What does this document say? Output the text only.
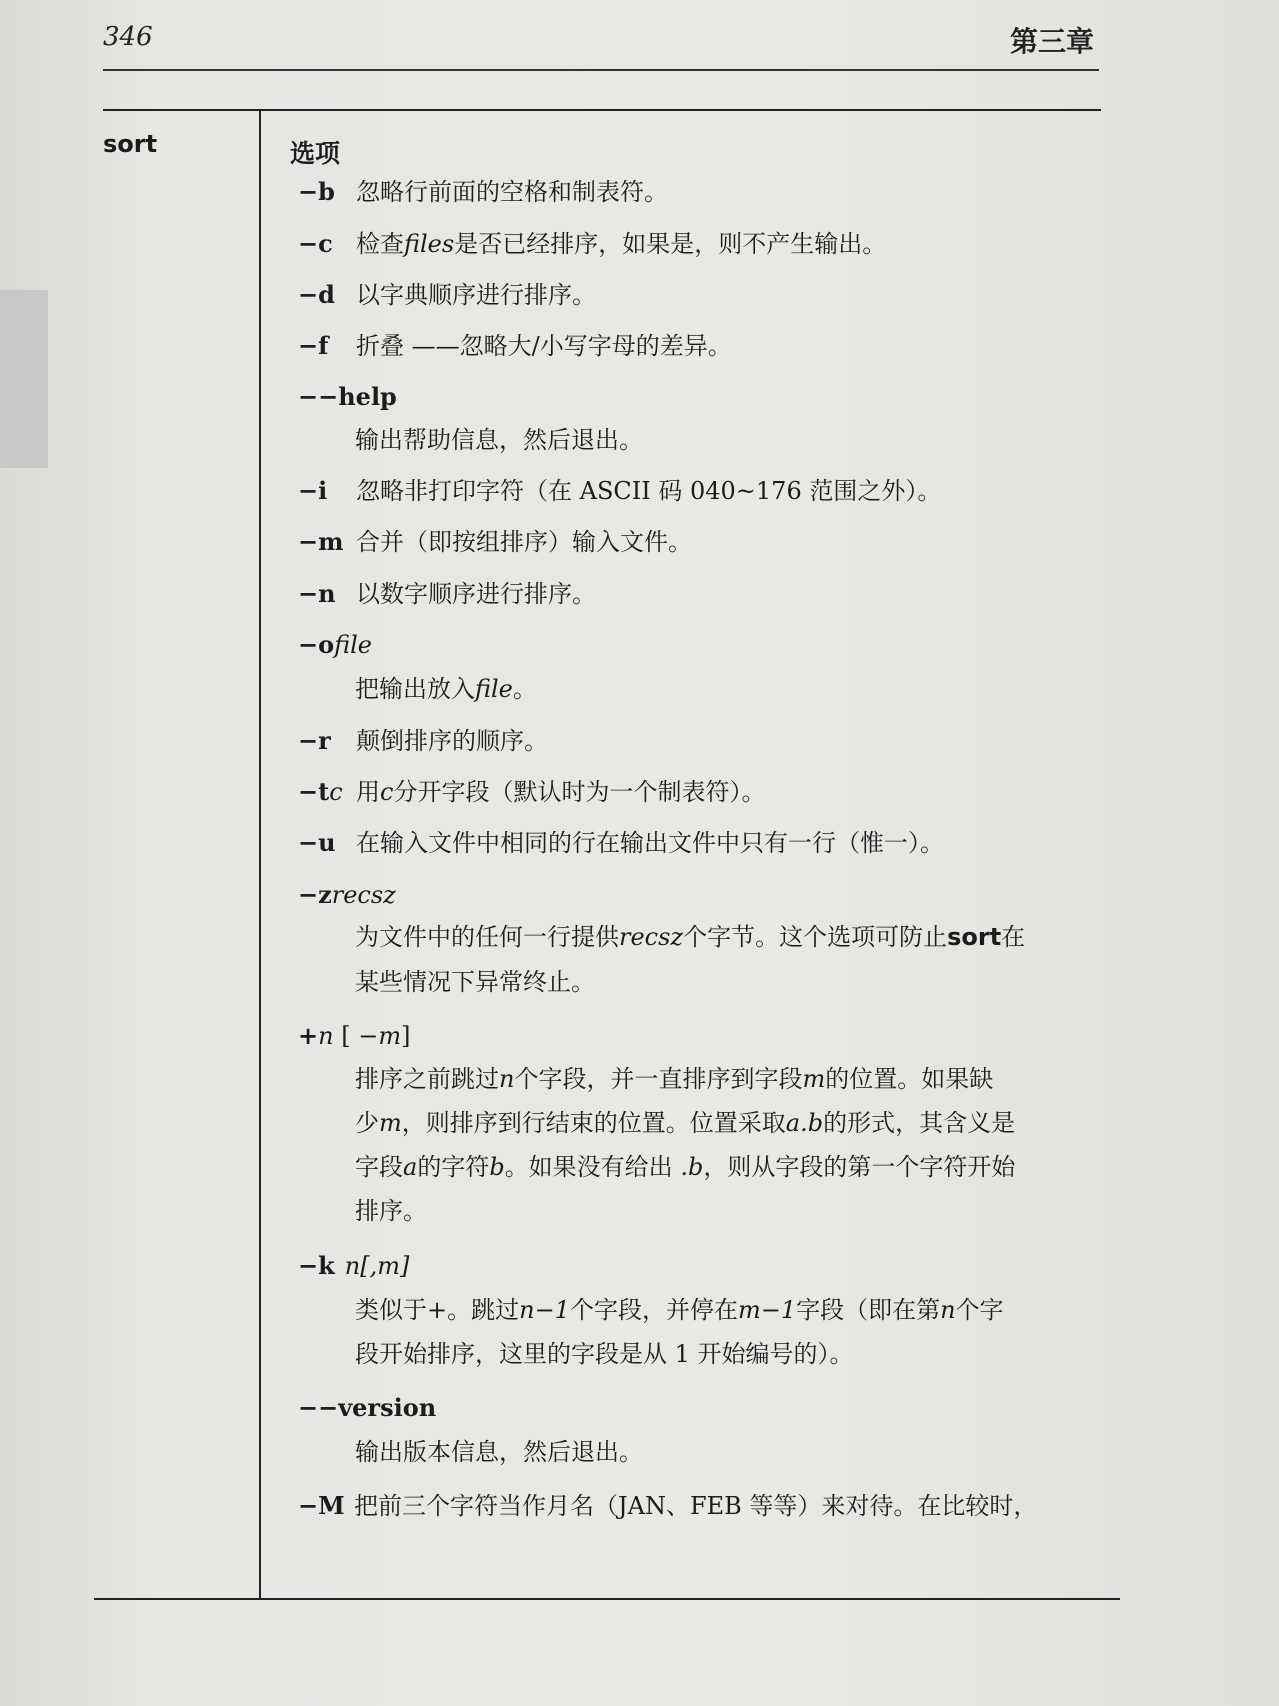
346	第三章
sort	选项
−b 忽略行前面的空格和制表符。
−c 检查files是否已经排序，如果是，则不产生输出。
−d 以字典顺序进行排序。
−f 折叠 ——忽略大/小写字母的差异。
−−help
输出帮助信息，然后退出。
−i 忽略非打印字符（在 ASCII 码 040~176 范围之外）。
−m 合并（即按组排序）输入文件。
−n 以数字顺序进行排序。
−ofile
把输出放入file。
−r 颠倒排序的顺序。
−tc 用c分开字段（默认时为一个制表符）。
−u 在输入文件中相同的行在输出文件中只有一行（惟一）。
−zrecsz
为文件中的任何一行提供recsz个字节。这个选项可防止sort在
某些情况下异常终止。
+n [ −m]
排序之前跳过n个字段，并一直排序到字段m的位置。如果缺
少m，则排序到行结束的位置。位置采取a.b的形式，其含义是
字段a的字符b。如果没有给出 .b，则从字段的第一个字符开始
排序。
−k n[,m]
类似于+。跳过n−1个字段，并停在m−1字段（即在第n个字
段开始排序，这里的字段是从 1 开始编号的）。
−−version
输出版本信息，然后退出。
−M 把前三个字符当作月名（JAN、FEB 等等）来对待。在比较时，
